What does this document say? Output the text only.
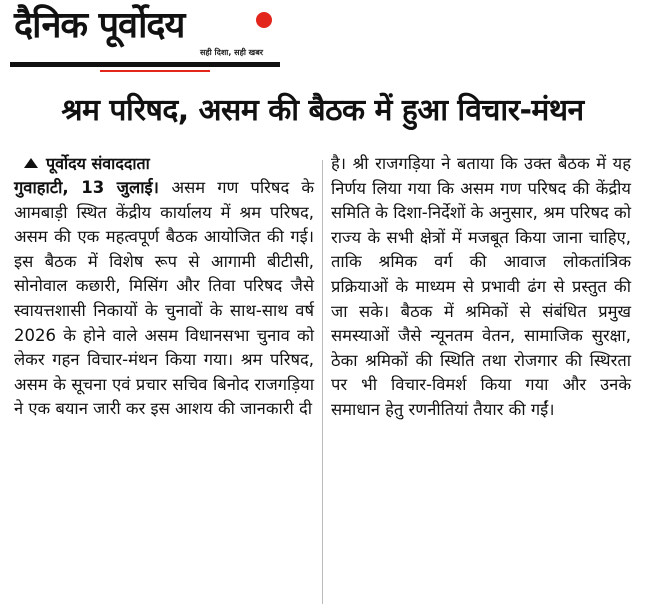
दैनिक पूर्वोदय
सही दिशा, सही खबर
श्रम परिषद, असम की बैठक में हुआ विचार-मंथन
पूर्वोदय संवाददाता
गुवाहाटी, 13 जुलाई। असम गण परिषद के आमबाड़ी स्थित केंद्रीय कार्यालय में श्रम परिषद, असम की एक महत्वपूर्ण बैठक आयोजित की गई। इस बैठक में विशेष रूप से आगामी बीटीसी, सोनोवाल कछारी, मिसिंग और तिवा परिषद जैसे स्वायत्तशासी निकायों के चुनावों के साथ-साथ वर्ष 2026 के होने वाले असम विधानसभा चुनाव को लेकर गहन विचार-मंथन किया गया। श्रम परिषद, असम के सूचना एवं प्रचार सचिव बिनोद राजगड़िया ने एक बयान जारी कर इस आशय की जानकारी दी
है। श्री राजगड़िया ने बताया कि उक्त बैठक में यह निर्णय लिया गया कि असम गण परिषद की केंद्रीय समिति के दिशा-निर्देशों के अनुसार, श्रम परिषद को राज्य के सभी क्षेत्रों में मजबूत किया जाना चाहिए, ताकि श्रमिक वर्ग की आवाज लोकतांत्रिक प्रक्रियाओं के माध्यम से प्रभावी ढंग से प्रस्तुत की जा सके। बैठक में श्रमिकों से संबंधित प्रमुख समस्याओं जैसे न्यूनतम वेतन, सामाजिक सुरक्षा, ठेका श्रमिकों की स्थिति तथा रोजगार की स्थिरता पर भी विचार-विमर्श किया गया और उनके समाधान हेतु रणनीतियां तैयार की गईं।
